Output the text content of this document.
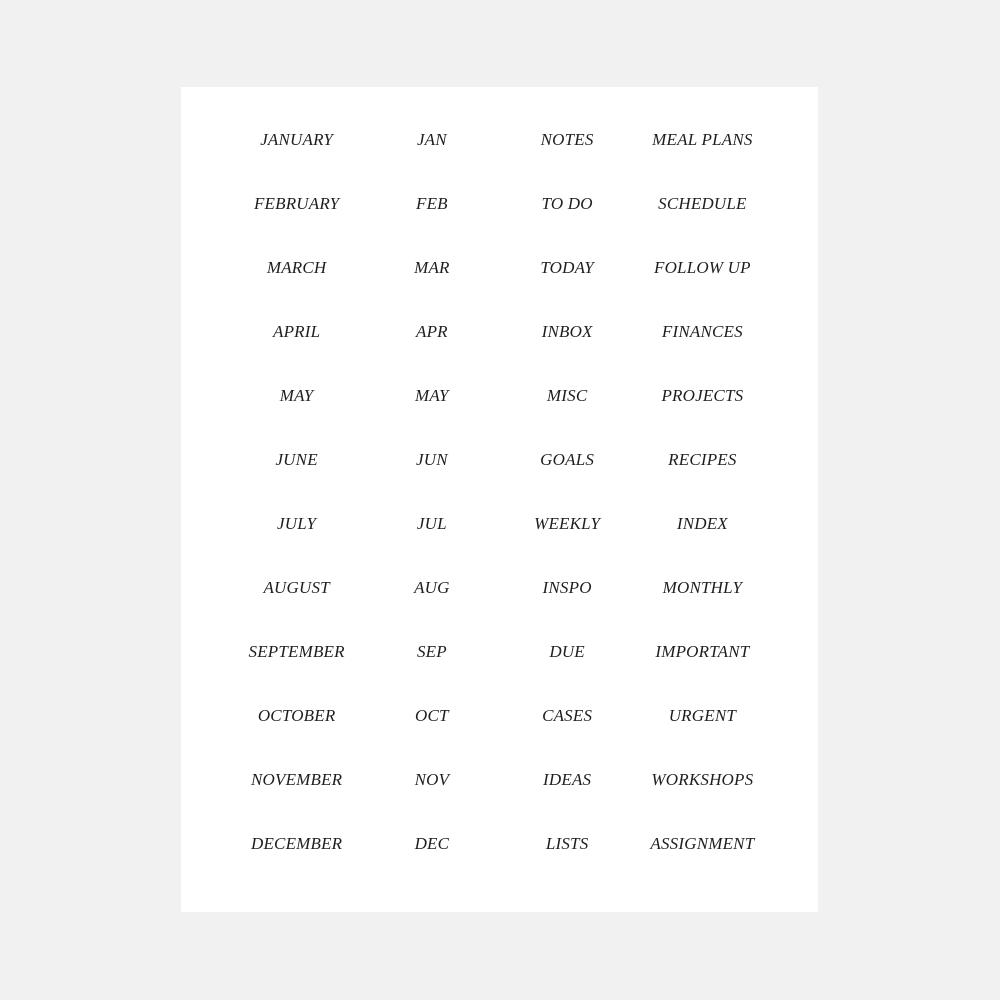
JANUARY	JAN	NOTES	MEAL PLANS
FEBRUARY	FEB	TO DO	SCHEDULE
MARCH	MAR	TODAY	FOLLOW UP
APRIL	APR	INBOX	FINANCES
MAY	MAY	MISC	PROJECTS
JUNE	JUN	GOALS	RECIPES
JULY	JUL	WEEKLY	INDEX
AUGUST	AUG	INSPO	MONTHLY
SEPTEMBER	SEP	DUE	IMPORTANT
OCTOBER	OCT	CASES	URGENT
NOVEMBER	NOV	IDEAS	WORKSHOPS
DECEMBER	DEC	LISTS	ASSIGNMENT
